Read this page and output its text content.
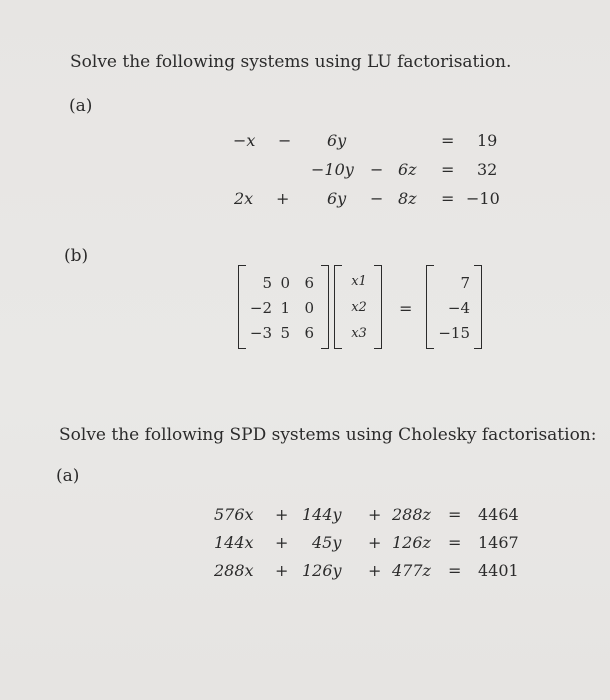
Solve the following systems using LU factorisation.
(a)
−x − 6y	= 19
−10y − 6z = 32
2x + 6y − 8z = −10
(b)
5 0 6
−2 1 0
−3 5 6
x1
x2
x3
=
7
−4
−15
Solve the following SPD systems using Cholesky factorisation:
(a)
576x + 144y + 288z = 4464
144x + 45y + 126z = 1467
288x + 126y + 477z = 4401
